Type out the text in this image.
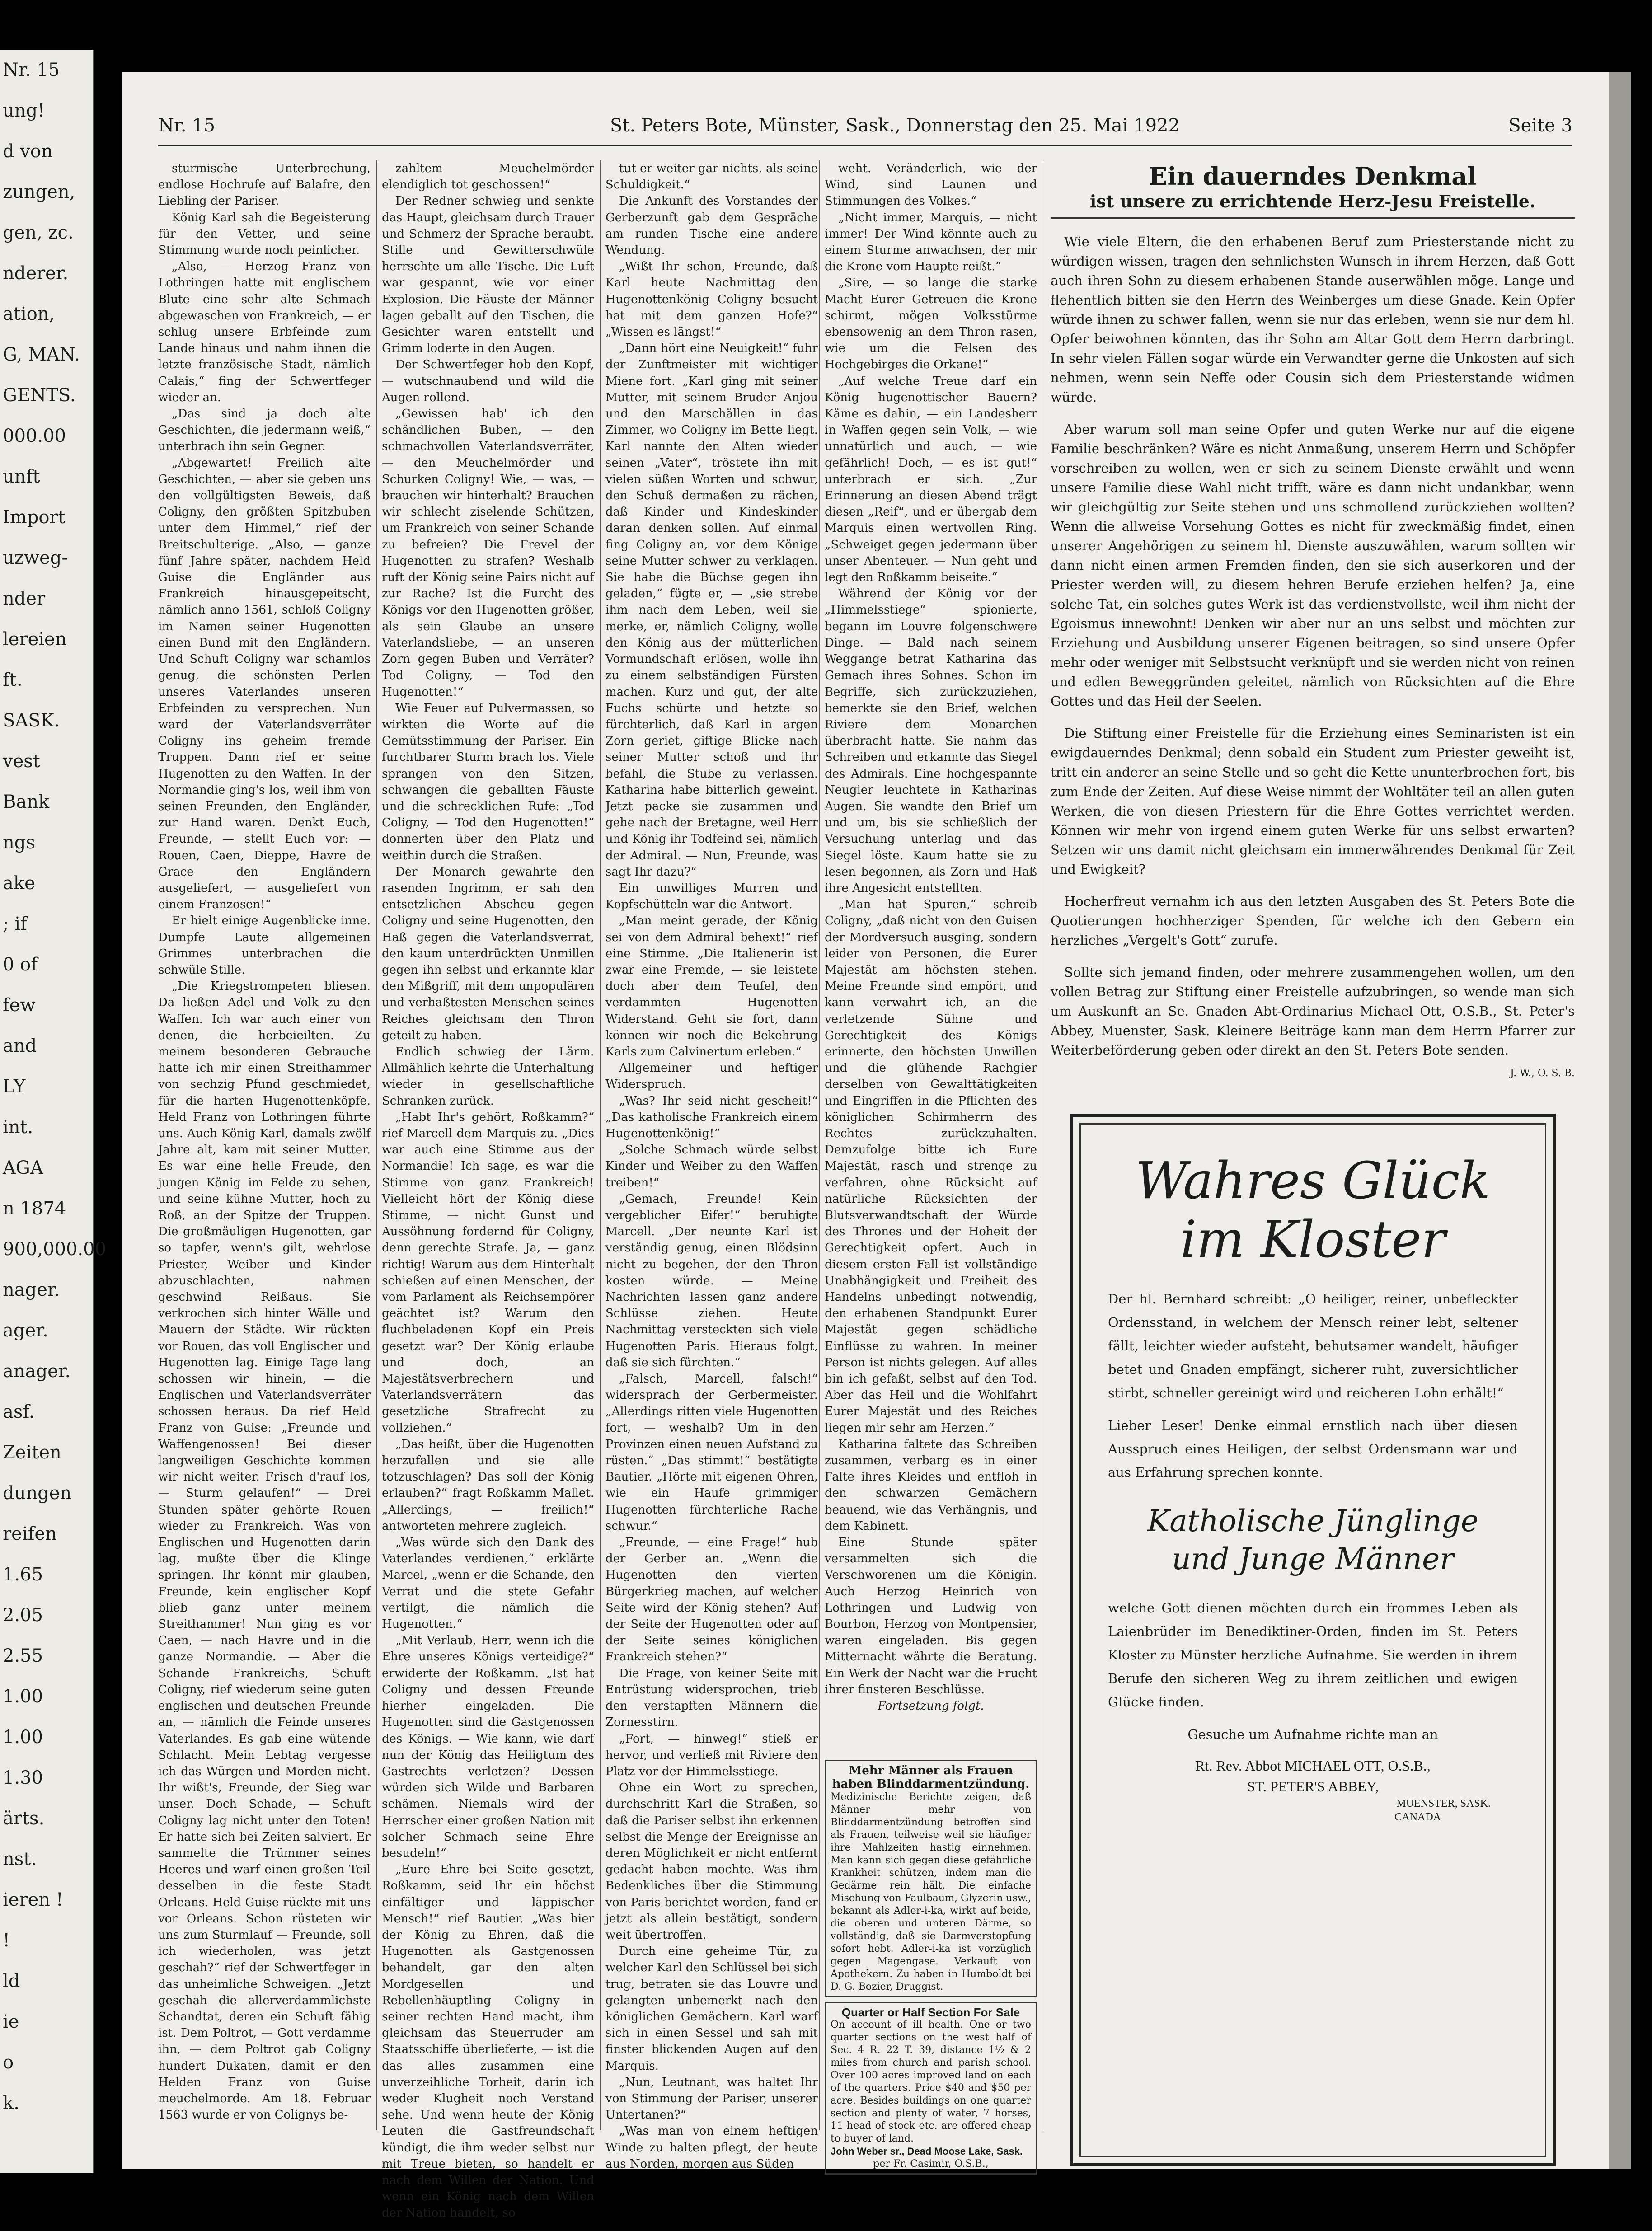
Nr. 15
ung!
d von
zungen,
gen, zc.
nderer.
ation,
G, MAN.
GENTS.
000.00
unft
Import
uzweg-
nder
lereien
ft.
SASK.
vest
Bank
ngs
ake
; if
0 of
few
and
LY
int.
AGA
n 1874
900,000.00
nager.
ager.
anager.
asf.
Zeiten
dungen
reifen
1.65
2.05
2.55
1.00
1.00
1.30
ärts.
nst.
ieren !
!
ld
ie
o
k.
Nr. 15	St. Peters Bote, Münster, Sask., Donnerstag den 25. Mai 1922	Seite 3

sturmische Unterbrechung, endlose Hochrufe auf Balafre, den Liebling der Pariser.

König Karl sah die Begeisterung für den Vetter, und seine Stimmung wurde noch peinlicher.

„Also, — Herzog Franz von Lothringen hatte mit englischem Blute eine sehr alte Schmach abgewaschen von Frankreich, — er schlug unsere Erbfeinde zum Lande hinaus und nahm ihnen die letzte französische Stadt, nämlich Calais,“ fing der Schwertfeger wieder an.

„Das sind ja doch alte Geschichten, die jedermann weiß,“ unterbrach ihn sein Gegner.

„Abgewartet! Freilich alte Geschichten, — aber sie geben uns den vollgültigsten Beweis, daß Coligny, den größten Spitzbuben unter dem Himmel,“ rief der Breitschulterige. „Also, — ganze fünf Jahre später, nachdem Held Guise die Engländer aus Frankreich hinausgepeitscht, nämlich anno 1561, schloß Coligny im Namen seiner Hugenotten einen Bund mit den Engländern. Und Schuft Coligny war schamlos genug, die schönsten Perlen unseres Vaterlandes unseren Erbfeinden zu versprechen. Nun ward der Vaterlandsverräter Coligny ins geheim fremde Truppen. Dann rief er seine Hugenotten zu den Waffen. In der Normandie ging's los, weil ihm von seinen Freunden, den Engländer, zur Hand waren. Denkt Euch, Freunde, — stellt Euch vor: — Rouen, Caen, Dieppe, Havre de Grace den Engländern ausgeliefert, — ausgeliefert von einem Franzosen!“

Er hielt einige Augenblicke inne. Dumpfe Laute allgemeinen Grimmes unterbrachen die schwüle Stille.

„Die Kriegstrompeten bliesen. Da ließen Adel und Volk zu den Waffen. Ich war auch einer von denen, die herbeieilten. Zu meinem besonderen Gebrauche hatte ich mir einen Streithammer von sechzig Pfund geschmiedet, für die harten Hugenottenköpfe. Held Franz von Lothringen führte uns. Auch König Karl, damals zwölf Jahre alt, kam mit seiner Mutter. Es war eine helle Freude, den jungen König im Felde zu sehen, und seine kühne Mutter, hoch zu Roß, an der Spitze der Truppen. Die großmäuligen Hugenotten, gar so tapfer, wenn's gilt, wehrlose Priester, Weiber und Kinder abzuschlachten, nahmen geschwind Reißaus. Sie verkrochen sich hinter Wälle und Mauern der Städte. Wir rückten vor Rouen, das voll Englischer und Hugenotten lag. Einige Tage lang schossen wir hinein, — die Englischen und Vaterlandsverräter schossen heraus. Da rief Held Franz von Guise: „Freunde und Waffengenossen! Bei dieser langweiligen Geschichte kommen wir nicht weiter. Frisch d'rauf los, — Sturm gelaufen!“ — Drei Stunden später gehörte Rouen wieder zu Frankreich. Was von Englischen und Hugenotten darin lag, mußte über die Klinge springen. Ihr könnt mir glauben, Freunde, kein englischer Kopf blieb ganz unter meinem Streithammer! Nun ging es vor Caen, — nach Havre und in die ganze Normandie. — Aber die Schande Frankreichs, Schuft Coligny, rief wiederum seine guten englischen und deutschen Freunde an, — nämlich die Feinde unseres Vaterlandes. Es gab eine wütende Schlacht. Mein Lebtag vergesse ich das Würgen und Morden nicht. Ihr wißt's, Freunde, der Sieg war unser. Doch Schade, — Schuft Coligny lag nicht unter den Toten! Er hatte sich bei Zeiten salviert. Er sammelte die Trümmer seines Heeres und warf einen großen Teil desselben in die feste Stadt Orleans. Held Guise rückte mit uns vor Orleans. Schon rüsteten wir uns zum Sturmlauf — Freunde, soll ich wiederholen, was jetzt geschah?“ rief der Schwertfeger in das unheimliche Schweigen. „Jetzt geschah die allerverdammlichste Schandtat, deren ein Schuft fähig ist. Dem Poltrot, — Gott verdamme ihn, — dem Poltrot gab Coligny hundert Dukaten, damit er den Helden Franz von Guise meuchelmorde. Am 18. Februar 1563 wurde er von Colignys be-

zahltem Meuchelmörder elendiglich tot geschossen!“

Der Redner schwieg und senkte das Haupt, gleichsam durch Trauer und Schmerz der Sprache beraubt. Stille und Gewitterschwüle herrschte um alle Tische. Die Luft war gespannt, wie vor einer Explosion. Die Fäuste der Männer lagen geballt auf den Tischen, die Gesichter waren entstellt und Grimm loderte in den Augen.

Der Schwertfeger hob den Kopf, — wutschnaubend und wild die Augen rollend.

„Gewissen hab' ich den schändlichen Buben, — den schmachvollen Vaterlandsverräter, — den Meuchelmörder und Schurken Coligny! Wie, — was, — brauchen wir hinterhalt? Brauchen wir schlecht ziselende Schützen, um Frankreich von seiner Schande zu befreien? Die Frevel der Hugenotten zu strafen? Weshalb ruft der König seine Pairs nicht auf zur Rache? Ist die Furcht des Königs vor den Hugenotten größer, als sein Glaube an unsere Vaterlandsliebe, — an unseren Zorn gegen Buben und Verräter? Tod Coligny, — Tod den Hugenotten!“

Wie Feuer auf Pulvermassen, so wirkten die Worte auf die Gemütsstimmung der Pariser. Ein furchtbarer Sturm brach los. Viele sprangen von den Sitzen, schwangen die geballten Fäuste und die schrecklichen Rufe: „Tod Coligny, — Tod den Hugenotten!“ donnerten über den Platz und weithin durch die Straßen.

Der Monarch gewahrte den rasenden Ingrimm, er sah den entsetzlichen Abscheu gegen Coligny und seine Hugenotten, den Haß gegen die Vaterlandsverrat, den kaum unterdrückten Unmillen gegen ihn selbst und erkannte klar den Mißgriff, mit dem unpopulären und verhaßtesten Menschen seines Reiches gleichsam den Thron geteilt zu haben.

Endlich schwieg der Lärm. Allmählich kehrte die Unterhaltung wieder in gesellschaftliche Schranken zurück.

„Habt Ihr's gehört, Roßkamm?“ rief Marcell dem Marquis zu. „Dies war auch eine Stimme aus der Normandie! Ich sage, es war die Stimme von ganz Frankreich! Vielleicht hört der König diese Stimme, — nicht Gunst und Aussöhnung fordernd für Coligny, denn gerechte Strafe. Ja, — ganz richtig! Warum aus dem Hinterhalt schießen auf einen Menschen, der vom Parlament als Reichsempörer geächtet ist? Warum den fluchbeladenen Kopf ein Preis gesetzt war? Der König erlaube und doch, an Majestätsverbrechern und Vaterlandsverrätern das gesetzliche Strafrecht zu vollziehen.“

„Das heißt, über die Hugenotten herzufallen und sie alle totzuschlagen? Das soll der König erlauben?“ fragt Roßkamm Mallet. „Allerdings, — freilich!“ antworteten mehrere zugleich.

„Was würde sich den Dank des Vaterlandes verdienen,“ erklärte Marcel, „wenn er die Schande, den Verrat und die stete Gefahr vertilgt, die nämlich die Hugenotten.“

„Mit Verlaub, Herr, wenn ich die Ehre unseres Königs verteidige?“ erwiderte der Roßkamm. „Ist hat Coligny und dessen Freunde hierher eingeladen. Die Hugenotten sind die Gastgenossen des Königs. — Wie kann, wie darf nun der König das Heiligtum des Gastrechts verletzen? Dessen würden sich Wilde und Barbaren schämen. Niemals wird der Herrscher einer großen Nation mit solcher Schmach seine Ehre besudeln!“

„Eure Ehre bei Seite gesetzt, Roßkamm, seid Ihr ein höchst einfältiger und läppischer Mensch!“ rief Bautier. „Was hier der König zu Ehren, daß die Hugenotten als Gastgenossen behandelt, gar den alten Mordgesellen und Rebellenhäuptling Coligny in seiner rechten Hand macht, ihm gleichsam das Steuerruder am Staatsschiffe überlieferte, — ist die das alles zusammen eine unverzeihliche Torheit, darin ich weder Klugheit noch Verstand sehe. Und wenn heute der König Leuten die Gastfreundschaft kündigt, die ihm weder selbst nur mit Treue bieten, so handelt er nach dem Willen der Nation. Und wenn ein König nach dem Willen der Nation handelt, so

tut er weiter gar nichts, als seine Schuldigkeit.“

Die Ankunft des Vorstandes der Gerberzunft gab dem Gespräche am runden Tische eine andere Wendung.

„Wißt Ihr schon, Freunde, daß Karl heute Nachmittag den Hugenottenkönig Coligny besucht hat mit dem ganzen Hofe?“ „Wissen es längst!“

„Dann hört eine Neuigkeit!“ fuhr der Zunftmeister mit wichtiger Miene fort. „Karl ging mit seiner Mutter, mit seinem Bruder Anjou und den Marschällen in das Zimmer, wo Coligny im Bette liegt. Karl nannte den Alten wieder seinen „Vater“, tröstete ihn mit vielen süßen Worten und schwur, den Schuß dermaßen zu rächen, daß Kinder und Kindeskinder daran denken sollen. Auf einmal fing Coligny an, vor dem Könige seine Mutter schwer zu verklagen. Sie habe die Büchse gegen ihn geladen,“ fügte er, — „sie strebe ihm nach dem Leben, weil sie merke, er, nämlich Coligny, wolle den König aus der mütterlichen Vormundschaft erlösen, wolle ihn zu einem selbständigen Fürsten machen. Kurz und gut, der alte Fuchs schürte und hetzte so fürchterlich, daß Karl in argen Zorn geriet, giftige Blicke nach seiner Mutter schoß und ihr befahl, die Stube zu verlassen. Katharina habe bitterlich geweint. Jetzt packe sie zusammen und gehe nach der Bretagne, weil Herr und König ihr Todfeind sei, nämlich der Admiral. — Nun, Freunde, was sagt Ihr dazu?“

Ein unwilliges Murren und Kopfschütteln war die Antwort.

„Man meint gerade, der König sei von dem Admiral behext!“ rief eine Stimme. „Die Italienerin ist zwar eine Fremde, — sie leistete doch aber dem Teufel, den verdammten Hugenotten Widerstand. Geht sie fort, dann können wir noch die Bekehrung Karls zum Calvinertum erleben.“

Allgemeiner und heftiger Widerspruch.

„Was? Ihr seid nicht gescheit!“ „Das katholische Frankreich einem Hugenottenkönig!“

„Solche Schmach würde selbst Kinder und Weiber zu den Waffen treiben!“

„Gemach, Freunde! Kein vergeblicher Eifer!“ beruhigte Marcell. „Der neunte Karl ist verständig genug, einen Blödsinn nicht zu begehen, der den Thron kosten würde. — Meine Nachrichten lassen ganz andere Schlüsse ziehen. Heute Nachmittag versteckten sich viele Hugenotten Paris. Hieraus folgt, daß sie sich fürchten.“

„Falsch, Marcell, falsch!“ widersprach der Gerbermeister. „Allerdings ritten viele Hugenotten fort, — weshalb? Um in den Provinzen einen neuen Aufstand zu rüsten.“ „Das stimmt!“ bestätigte Bautier. „Hörte mit eigenen Ohren, wie ein Haufe grimmiger Hugenotten fürchterliche Rache schwur.“

„Freunde, — eine Frage!“ hub der Gerber an. „Wenn die Hugenotten den vierten Bürgerkrieg machen, auf welcher Seite wird der König stehen? Auf der Seite der Hugenotten oder auf der Seite seines königlichen Frankreich stehen?“

Die Frage, von keiner Seite mit Entrüstung widersprochen, trieb den verstapften Männern die Zornesstirn.

„Fort, — hinweg!“ stieß er hervor, und verließ mit Riviere den Platz vor der Himmelsstiege.

Ohne ein Wort zu sprechen, durchschritt Karl die Straßen, so daß die Pariser selbst ihn erkennen selbst die Menge der Ereignisse an deren Möglichkeit er nicht entfernt gedacht haben mochte. Was ihm Bedenkliches über die Stimmung von Paris berichtet worden, fand er jetzt als allein bestätigt, sondern weit übertroffen.

Durch eine geheime Tür, zu welcher Karl den Schlüssel bei sich trug, betraten sie das Louvre und gelangten unbemerkt nach den königlichen Gemächern. Karl warf sich in einen Sessel und sah mit finster blickenden Augen auf den Marquis.

„Nun, Leutnant, was haltet Ihr von Stimmung der Pariser, unserer Untertanen?“

„Was man von einem heftigen Winde zu halten pflegt, der heute aus Norden, morgen aus Süden

weht. Veränderlich, wie der Wind, sind Launen und Stimmungen des Volkes.“

„Nicht immer, Marquis, — nicht immer! Der Wind könnte auch zu einem Sturme anwachsen, der mir die Krone vom Haupte reißt.“

„Sire, — so lange die starke Macht Eurer Getreuen die Krone schirmt, mögen Volksstürme ebensowenig an dem Thron rasen, wie um die Felsen des Hochgebirges die Orkane!“

„Auf welche Treue darf ein König hugenottischer Bauern? Käme es dahin, — ein Landesherr in Waffen gegen sein Volk, — wie unnatürlich und auch, — wie gefährlich! Doch, — es ist gut!“ unterbrach er sich. „Zur Erinnerung an diesen Abend trägt diesen „Reif“, und er übergab dem Marquis einen wertvollen Ring. „Schweiget gegen jedermann über unser Abenteuer. — Nun geht und legt den Roßkamm beiseite.“

Während der König vor der „Himmelsstiege“ spionierte, begann im Louvre folgenschwere Dinge. — Bald nach seinem Weggange betrat Katharina das Gemach ihres Sohnes. Schon im Begriffe, sich zurückzuziehen, bemerkte sie den Brief, welchen Riviere dem Monarchen überbracht hatte. Sie nahm das Schreiben und erkannte das Siegel des Admirals. Eine hochgespannte Neugier leuchtete in Katharinas Augen. Sie wandte den Brief um und um, bis sie schließlich der Versuchung unterlag und das Siegel löste. Kaum hatte sie zu lesen begonnen, als Zorn und Haß ihre Angesicht entstellten.

„Man hat Spuren,“ schreib Coligny, „daß nicht von den Guisen der Mordversuch ausging, sondern leider von Personen, die Eurer Majestät am höchsten stehen. Meine Freunde sind empört, und kann verwahrt ich, an die verletzende Sühne und Gerechtigkeit des Königs erinnerte, den höchsten Unwillen und die glühende Rachgier derselben von Gewalttätigkeiten und Eingriffen in die Pflichten des königlichen Schirmherrn des Rechtes zurückzuhalten. Demzufolge bitte ich Eure Majestät, rasch und strenge zu verfahren, ohne Rücksicht auf natürliche Rücksichten der Blutsverwandtschaft der Würde des Thrones und der Hoheit der Gerechtigkeit opfert. Auch in diesem ersten Fall ist vollständige Unabhängigkeit und Freiheit des Handelns unbedingt notwendig, den erhabenen Standpunkt Eurer Majestät gegen schädliche Einflüsse zu wahren. In meiner Person ist nichts gelegen. Auf alles bin ich gefaßt, selbst auf den Tod. Aber das Heil und die Wohlfahrt Eurer Majestät und des Reiches liegen mir sehr am Herzen.“

Katharina faltete das Schreiben zusammen, verbarg es in einer Falte ihres Kleides und entfloh in den schwarzen Gemächern beauend, wie das Verhängnis, und dem Kabinett.

Eine Stunde später versammelten sich die Verschworenen um die Königin. Auch Herzog Heinrich von Lothringen und Ludwig von Bourbon, Herzog von Montpensier, waren eingeladen. Bis gegen Mitternacht währte die Beratung. Ein Werk der Nacht war die Frucht ihrer finsteren Beschlüsse.

Fortsetzung folgt.

Mehr Männer als Frauen haben Blinddarmentzündung.

Medizinische Berichte zeigen, daß Männer mehr von Blinddarmentzündung betroffen sind als Frauen, teilweise weil sie häufiger ihre Mahlzeiten hastig einnehmen. Man kann sich gegen diese gefährliche Krankheit schützen, indem man die Gedärme rein hält. Die einfache Mischung von Faulbaum, Glyzerin usw., bekannt als Adler-i-ka, wirkt auf beide, die oberen und unteren Därme, so vollständig, daß sie Darmverstopfung sofort hebt. Adler-i-ka ist vorzüglich gegen Magengase. Verkauft von Apothekern. Zu haben in Humboldt bei D. G. Bozier, Druggist.

Quarter or Half Section For Sale

On account of ill health. One or two quarter sections on the west half of Sec. 4 R. 22 T. 39, distance 1½ & 2 miles from church and parish school. Over 100 acres improved land on each of the quarters. Price $40 and $50 per acre. Besides buildings on one quarter section and plenty of water, 7 horses, 11 head of stock etc. are offered cheap to buyer of land.

John Weber sr., Dead Moose Lake, Sask.

per Fr. Casimir, O.S.B.,

Ein dauerndes Denkmal
ist unsere zu errichtende Herz-Jesu Freistelle.

Wie viele Eltern, die den erhabenen Beruf zum Priesterstande nicht zu würdigen wissen, tragen den sehnlichsten Wunsch in ihrem Herzen, daß Gott auch ihren Sohn zu diesem erhabenen Stande auserwählen möge. Lange und flehentlich bitten sie den Herrn des Weinberges um diese Gnade. Kein Opfer würde ihnen zu schwer fallen, wenn sie nur das erleben, wenn sie nur dem hl. Opfer beiwohnen könnten, das ihr Sohn am Altar Gott dem Herrn darbringt. In sehr vielen Fällen sogar würde ein Verwandter gerne die Unkosten auf sich nehmen, wenn sein Neffe oder Cousin sich dem Priesterstande widmen würde.

Aber warum soll man seine Opfer und guten Werke nur auf die eigene Familie beschränken? Wäre es nicht Anmaßung, unserem Herrn und Schöpfer vorschreiben zu wollen, wen er sich zu seinem Dienste erwählt und wenn unsere Familie diese Wahl nicht trifft, wäre es dann nicht undankbar, wenn wir gleichgültig zur Seite stehen und uns schmollend zurückziehen wollten? Wenn die allweise Vorsehung Gottes es nicht für zweckmäßig findet, einen unserer Angehörigen zu seinem hl. Dienste auszuwählen, warum sollten wir dann nicht einen armen Fremden finden, den sie sich auserkoren und der Priester werden will, zu diesem hehren Berufe erziehen helfen? Ja, eine solche Tat, ein solches gutes Werk ist das verdienstvollste, weil ihm nicht der Egoismus innewohnt! Denken wir aber nur an uns selbst und möchten zur Erziehung und Ausbildung unserer Eigenen beitragen, so sind unsere Opfer mehr oder weniger mit Selbstsucht verknüpft und sie werden nicht von reinen und edlen Beweggründen geleitet, nämlich von Rücksichten auf die Ehre Gottes und das Heil der Seelen.

Die Stiftung einer Freistelle für die Erziehung eines Seminaristen ist ein ewigdauerndes Denkmal; denn sobald ein Student zum Priester geweiht ist, tritt ein anderer an seine Stelle und so geht die Kette ununterbrochen fort, bis zum Ende der Zeiten. Auf diese Weise nimmt der Wohltäter teil an allen guten Werken, die von diesen Priestern für die Ehre Gottes verrichtet werden. Können wir mehr von irgend einem guten Werke für uns selbst erwarten? Setzen wir uns damit nicht gleichsam ein immerwährendes Denkmal für Zeit und Ewigkeit?

Hocherfreut vernahm ich aus den letzten Ausgaben des St. Peters Bote die Quotierungen hochherziger Spenden, für welche ich den Gebern ein herzliches „Vergelt's Gott“ zurufe.

Sollte sich jemand finden, oder mehrere zusammengehen wollen, um den vollen Betrag zur Stiftung einer Freistelle aufzubringen, so wende man sich um Auskunft an Se. Gnaden Abt-Ordinarius Michael Ott, O.S.B., St. Peter's Abbey, Muenster, Sask. Kleinere Beiträge kann man dem Herrn Pfarrer zur Weiterbeförderung geben oder direkt an den St. Peters Bote senden.

J. W., O. S. B.
Wahres Glück
im Kloster

Der hl. Bernhard schreibt: „O heiliger, reiner, unbefleckter Ordensstand, in welchem der Mensch reiner lebt, seltener fällt, leichter wieder aufsteht, behutsamer wandelt, häufiger betet und Gnaden empfängt, sicherer ruht, zuversichtlicher stirbt, schneller gereinigt wird und reicheren Lohn erhält!“

Lieber Leser! Denke einmal ernstlich nach über diesen Ausspruch eines Heiligen, der selbst Ordensmann war und aus Erfahrung sprechen konnte.

Katholische Jünglinge
und Junge Männer

welche Gott dienen möchten durch ein frommes Leben als Laienbrüder im Benediktiner-Orden, finden im St. Peters Kloster zu Münster herzliche Aufnahme. Sie werden in ihrem Berufe den sicheren Weg zu ihrem zeitlichen und ewigen Glücke finden.

Gesuche um Aufnahme richte man an

Rt. Rev. Abbot MICHAEL OTT, O.S.B.,
ST. PETER'S ABBEY,
MUENSTER, SASK.
CANADA
